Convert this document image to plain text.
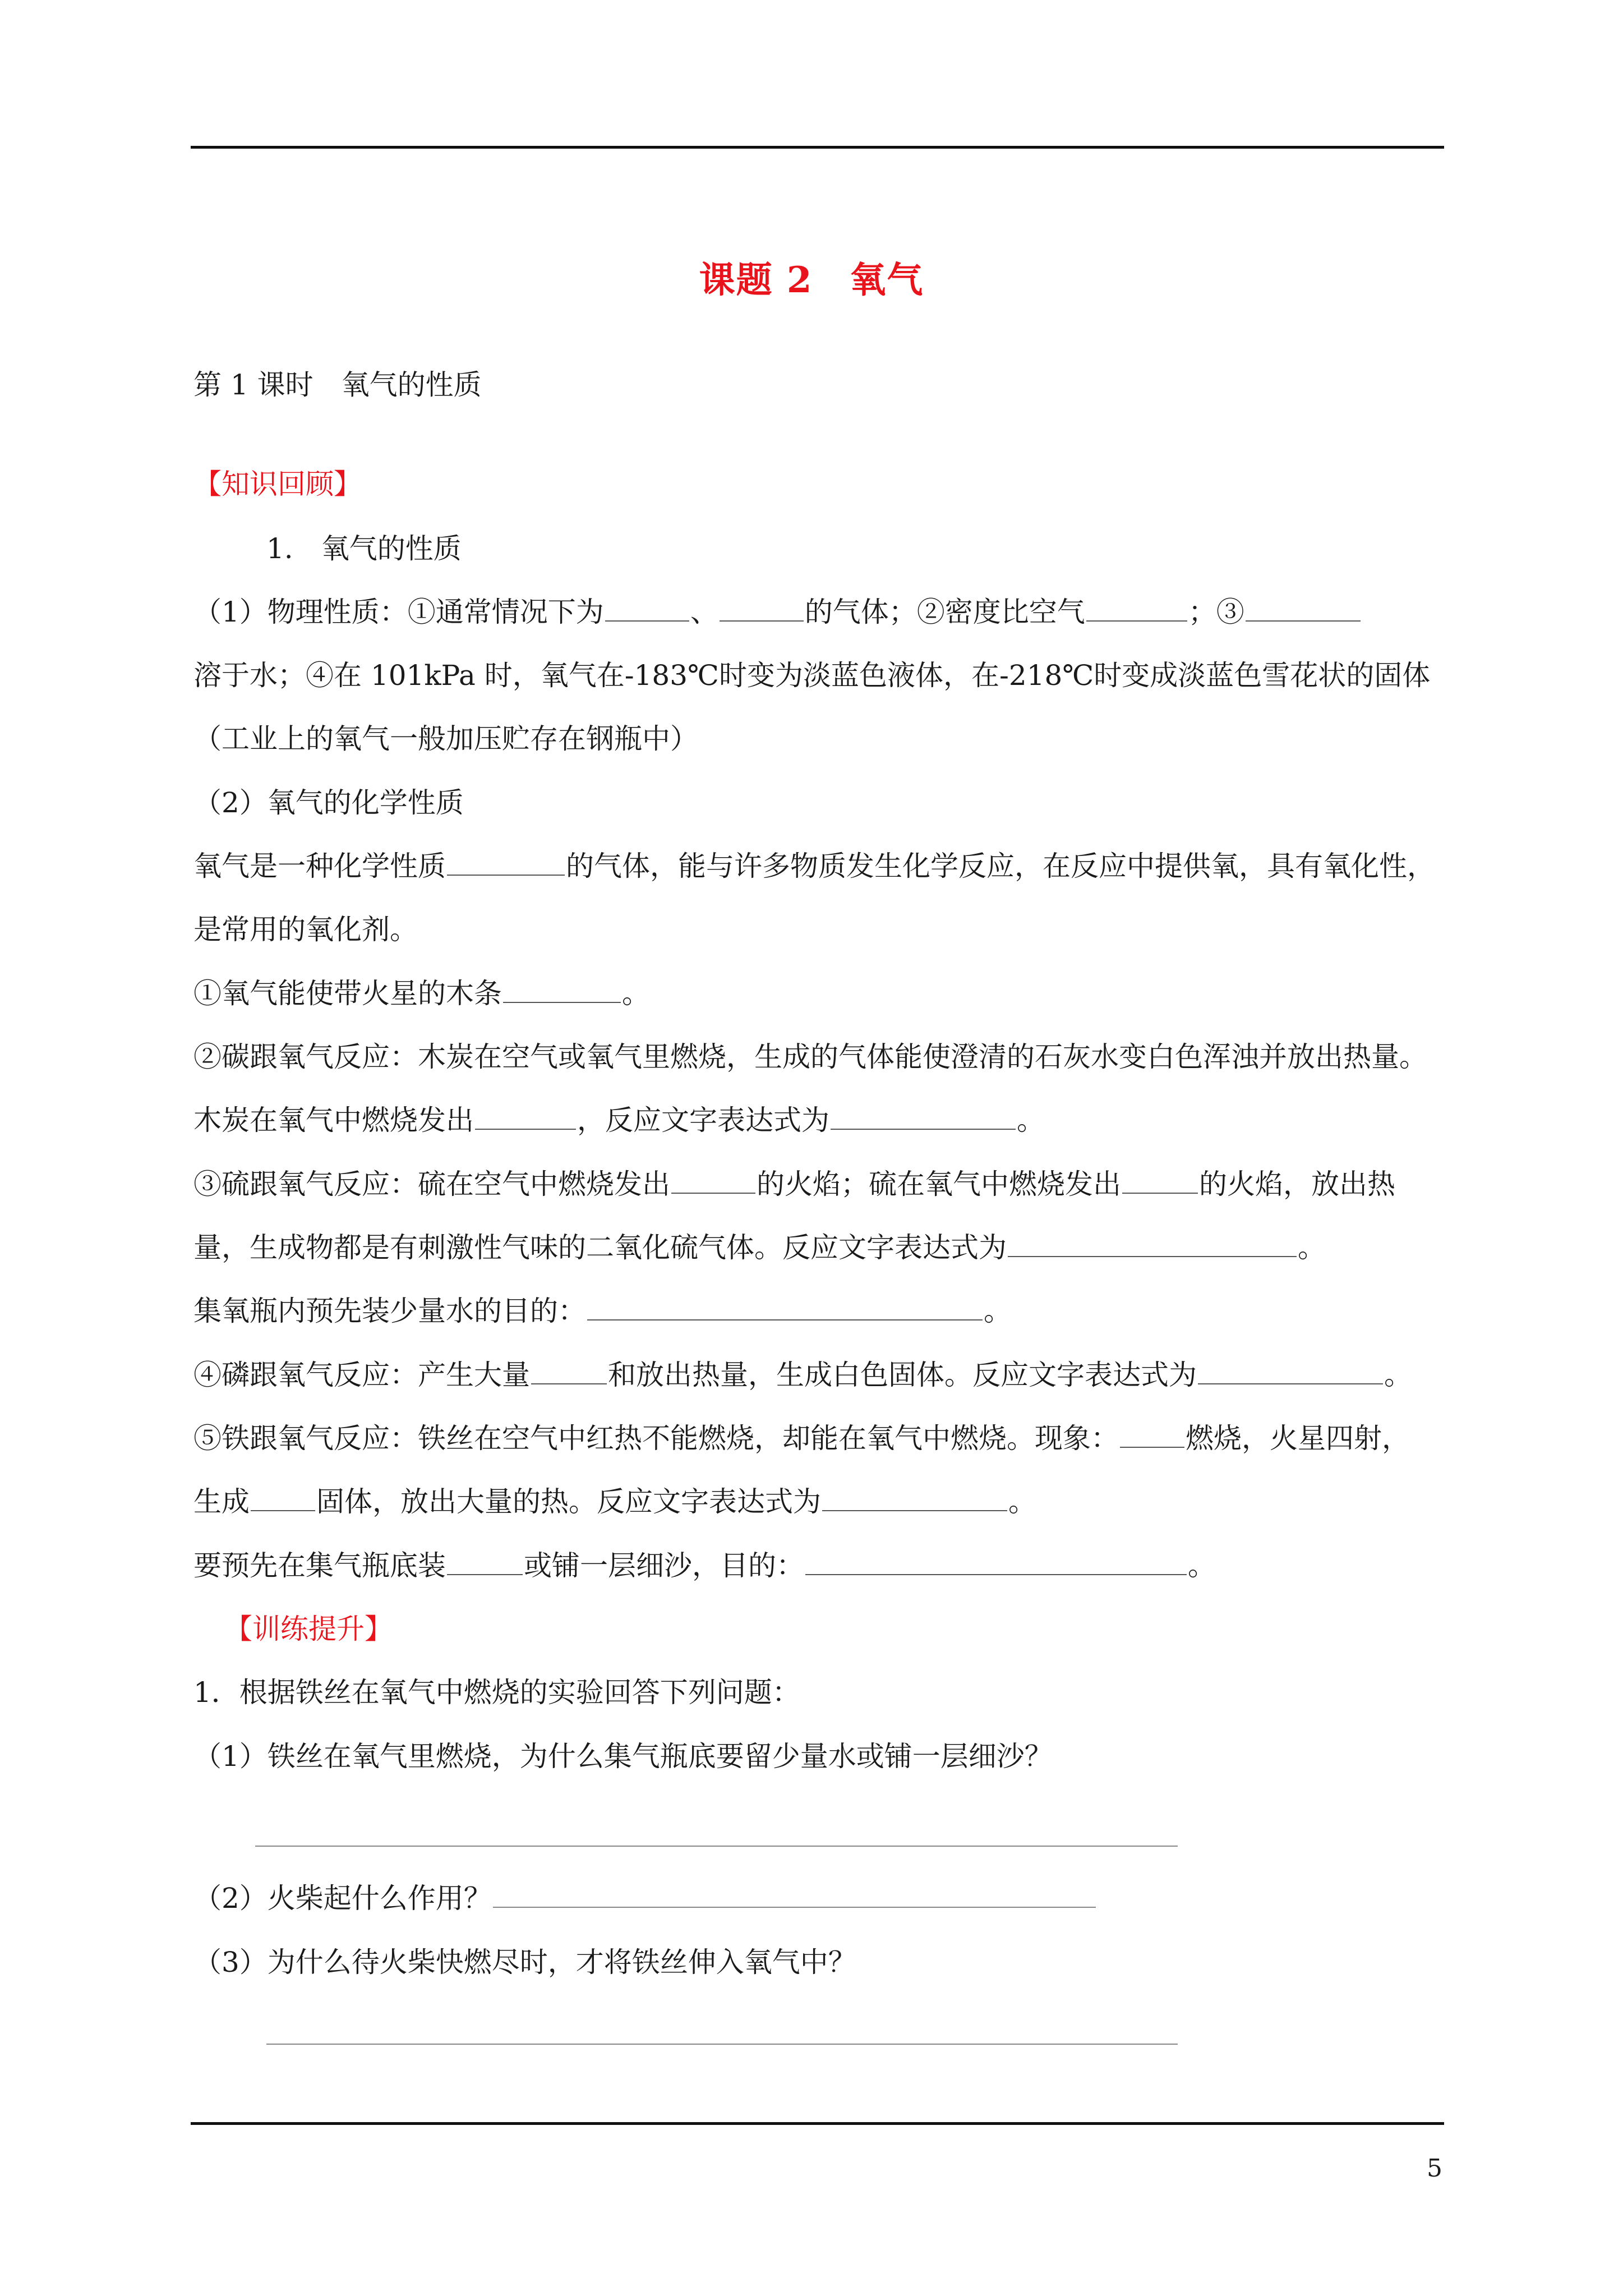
课题 2　氧气
第 1 课时　氧气的性质
【知识回顾】
1.　氧气的性质
（1）物理性质：①通常情况下为	、	的气体；②密度比空气	；③
溶于水；④在 101kPa 时，氧气在-183℃时变为淡蓝色液体，在-218℃时变成淡蓝色雪花状的固体
（工业上的氧气一般加压贮存在钢瓶中）
（2）氧气的化学性质
氧气是一种化学性质	的气体，能与许多物质发生化学反应，在反应中提供氧，具有氧化性，
是常用的氧化剂。
①氧气能使带火星的木条	。
②碳跟氧气反应：木炭在空气或氧气里燃烧，生成的气体能使澄清的石灰水变白色浑浊并放出热量。
木炭在氧气中燃烧发出	，反应文字表达式为	。
③硫跟氧气反应：硫在空气中燃烧发出	的火焰；硫在氧气中燃烧发出	的火焰，放出热
量，生成物都是有刺激性气味的二氧化硫气体。反应文字表达式为	。
集氧瓶内预先装少量水的目的：	。
④磷跟氧气反应：产生大量	和放出热量，生成白色固体。反应文字表达式为	。
⑤铁跟氧气反应：铁丝在空气中红热不能燃烧，却能在氧气中燃烧。现象： 燃烧，火星四射，
生成 固体，放出大量的热。反应文字表达式为	。
要预先在集气瓶底装	或铺一层细沙，目的：	。
【训练提升】
1．根据铁丝在氧气中燃烧的实验回答下列问题：
（1）铁丝在氧气里燃烧，为什么集气瓶底要留少量水或铺一层细沙？
（2）火柴起什么作用？
（3）为什么待火柴快燃尽时，才将铁丝伸入氧气中？
5
